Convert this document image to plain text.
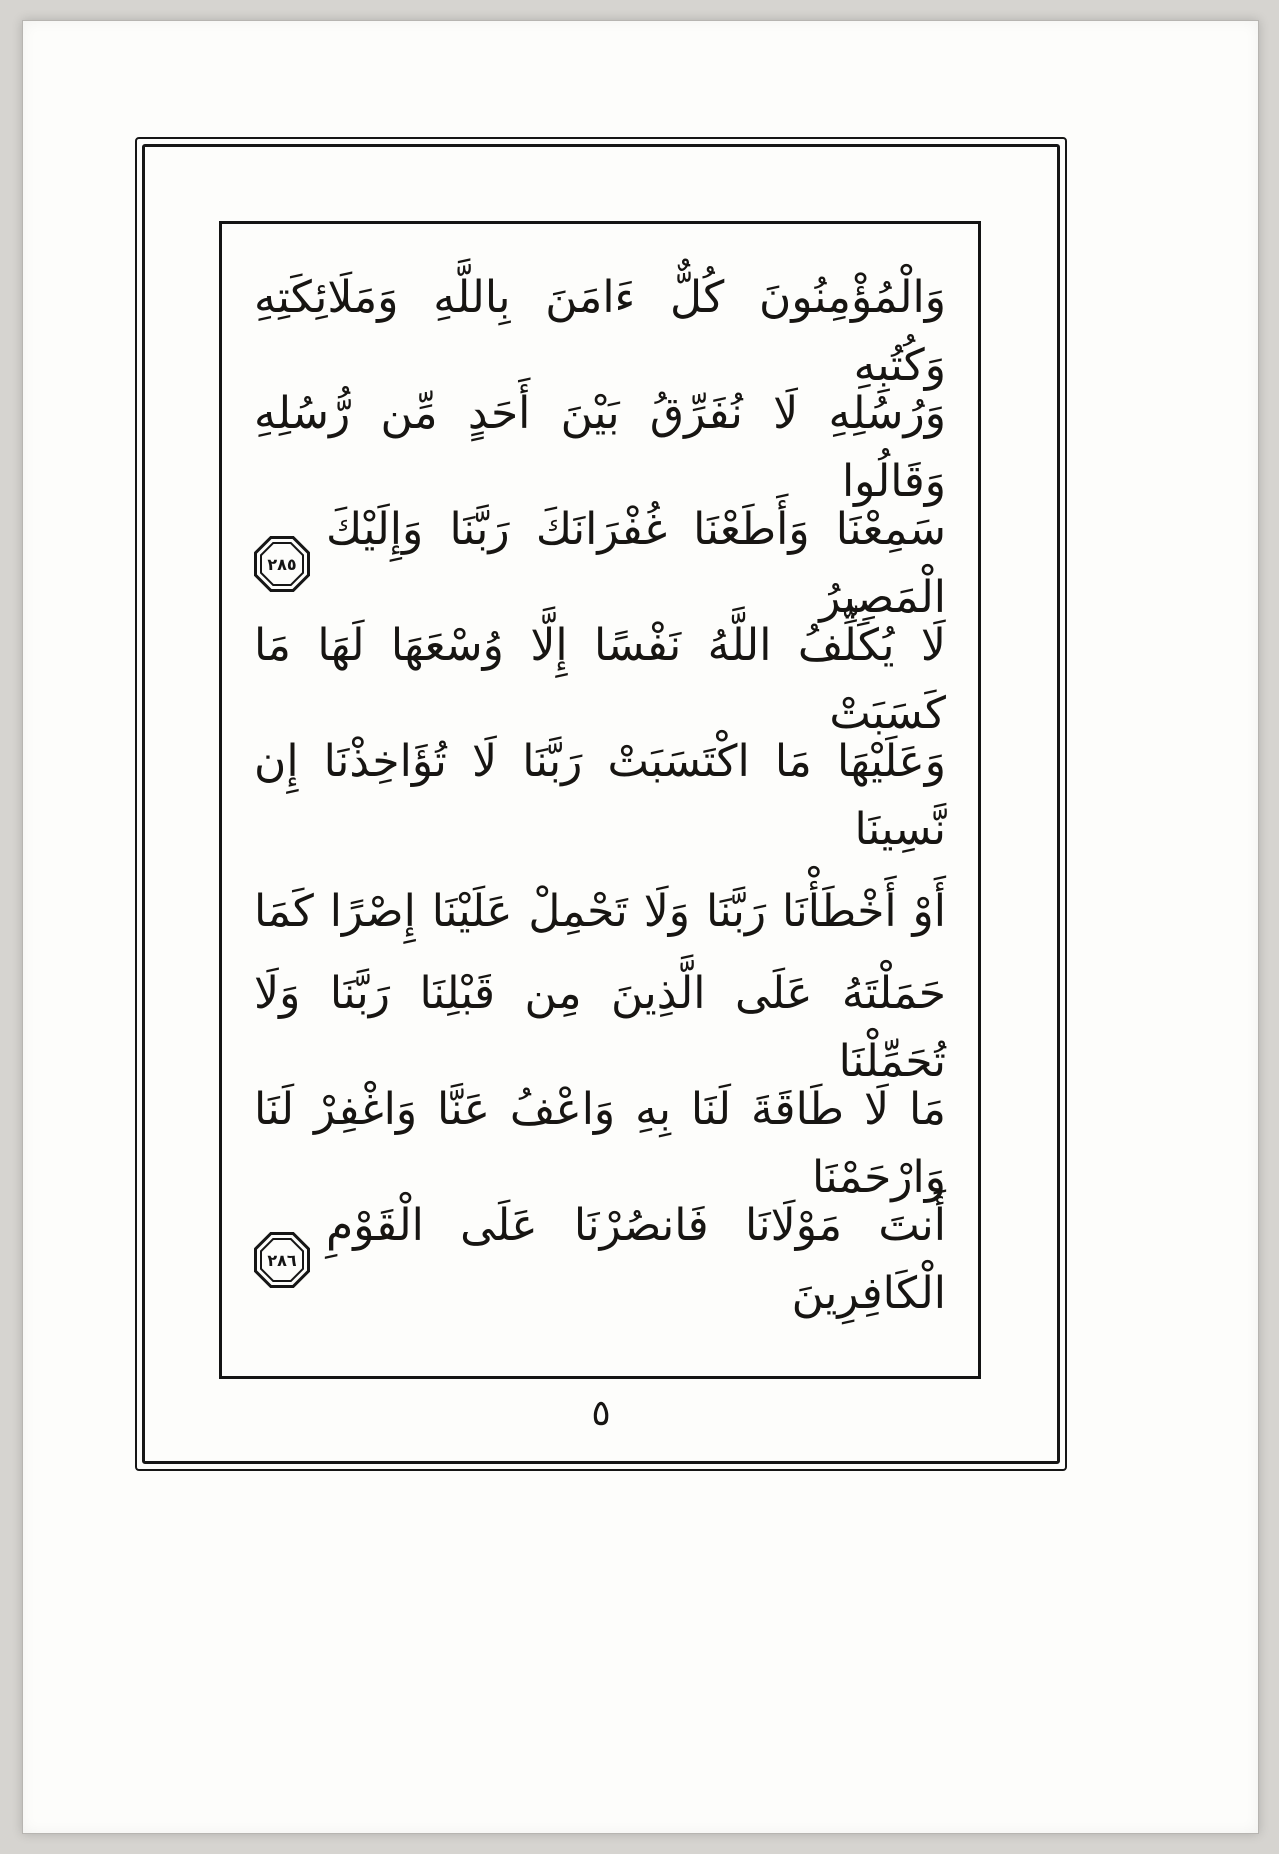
وَالْمُؤْمِنُونَ كُلٌّ ءَامَنَ بِاللَّهِ وَمَلَائِكَتِهِ وَكُتُبِهِ
وَرُسُلِهِ لَا نُفَرِّقُ بَيْنَ أَحَدٍ مِّن رُّسُلِهِ وَقَالُوا
سَمِعْنَا وَأَطَعْنَا غُفْرَانَكَ رَبَّنَا وَإِلَيْكَ الْمَصِيرُ
٢٨٥
لَا يُكَلِّفُ اللَّهُ نَفْسًا إِلَّا وُسْعَهَا لَهَا مَا كَسَبَتْ
وَعَلَيْهَا مَا اكْتَسَبَتْ رَبَّنَا لَا تُؤَاخِذْنَا إِن نَّسِينَا
أَوْ أَخْطَأْنَا رَبَّنَا وَلَا تَحْمِلْ عَلَيْنَا إِصْرًا كَمَا
حَمَلْتَهُ عَلَى الَّذِينَ مِن قَبْلِنَا رَبَّنَا وَلَا تُحَمِّلْنَا
مَا لَا طَاقَةَ لَنَا بِهِ وَاعْفُ عَنَّا وَاغْفِرْ لَنَا وَارْحَمْنَا
أَنتَ مَوْلَانَا فَانصُرْنَا عَلَى الْقَوْمِ الْكَافِرِينَ
٢٨٦
٥
